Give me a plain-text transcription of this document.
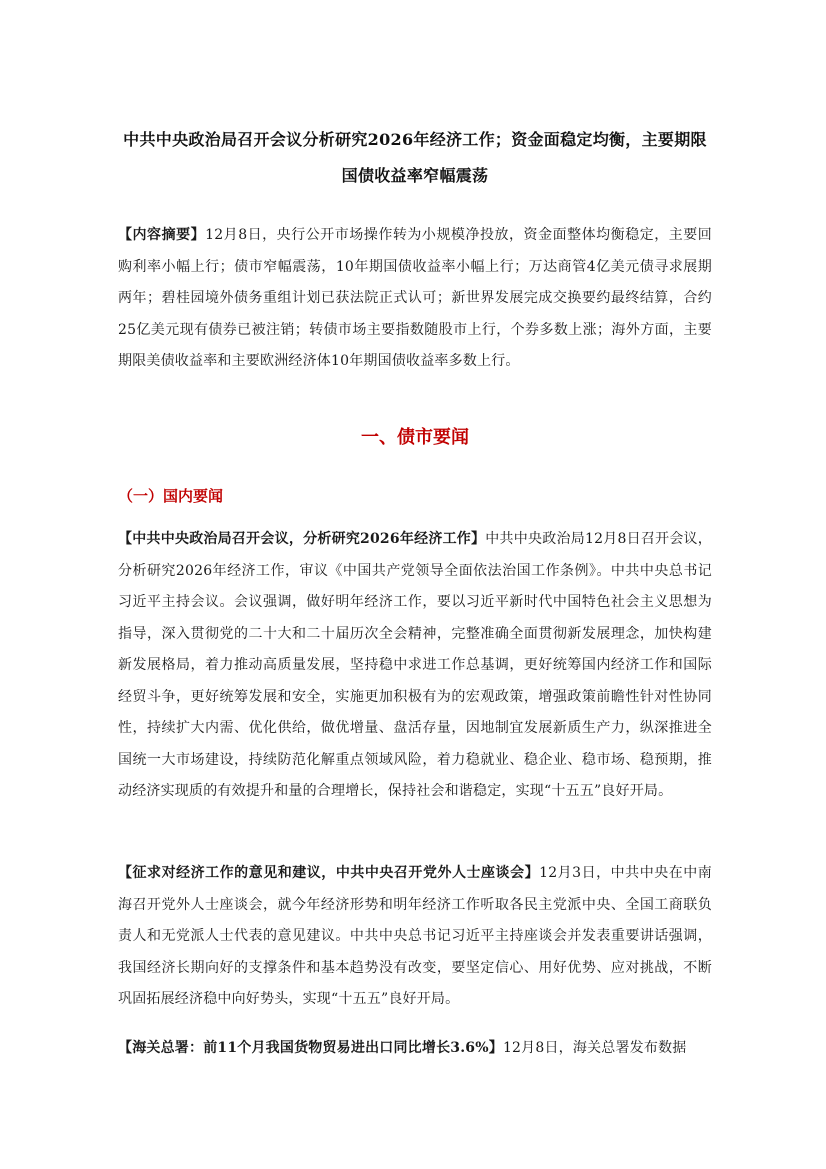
中共中央政治局召开会议分析研究2026年经济工作；资金面稳定均衡，主要期限国债收益率窄幅震荡
【内容摘要】12月8日，央行公开市场操作转为小规模净投放，资金面整体均衡稳定，主要回购利率小幅上行；债市窄幅震荡，10年期国债收益率小幅上行；万达商管4亿美元债寻求展期两年；碧桂园境外债务重组计划已获法院正式认可；新世界发展完成交换要约最终结算，合约25亿美元现有债券已被注销；转债市场主要指数随股市上行，个券多数上涨；海外方面，主要期限美债收益率和主要欧洲经济体10年期国债收益率多数上行。
一、债市要闻
（一）国内要闻
【中共中央政治局召开会议，分析研究2026年经济工作】中共中央政治局12月8日召开会议，分析研究2026年经济工作，审议《中国共产党领导全面依法治国工作条例》。中共中央总书记习近平主持会议。会议强调，做好明年经济工作，要以习近平新时代中国特色社会主义思想为指导，深入贯彻党的二十大和二十届历次全会精神，完整准确全面贯彻新发展理念，加快构建新发展格局，着力推动高质量发展，坚持稳中求进工作总基调，更好统筹国内经济工作和国际经贸斗争，更好统筹发展和安全，实施更加积极有为的宏观政策，增强政策前瞻性针对性协同性，持续扩大内需、优化供给，做优增量、盘活存量，因地制宜发展新质生产力，纵深推进全国统一大市场建设，持续防范化解重点领域风险，着力稳就业、稳企业、稳市场、稳预期，推动经济实现质的有效提升和量的合理增长，保持社会和谐稳定，实现“十五五”良好开局。
【征求对经济工作的意见和建议，中共中央召开党外人士座谈会】12月3日，中共中央在中南海召开党外人士座谈会，就今年经济形势和明年经济工作听取各民主党派中央、全国工商联负责人和无党派人士代表的意见建议。中共中央总书记习近平主持座谈会并发表重要讲话强调，我国经济长期向好的支撑条件和基本趋势没有改变，要坚定信心、用好优势、应对挑战，不断巩固拓展经济稳中向好势头，实现“十五五”良好开局。
【海关总署：前11个月我国货物贸易进出口同比增长3.6%】12月8日，海关总署发布数据
